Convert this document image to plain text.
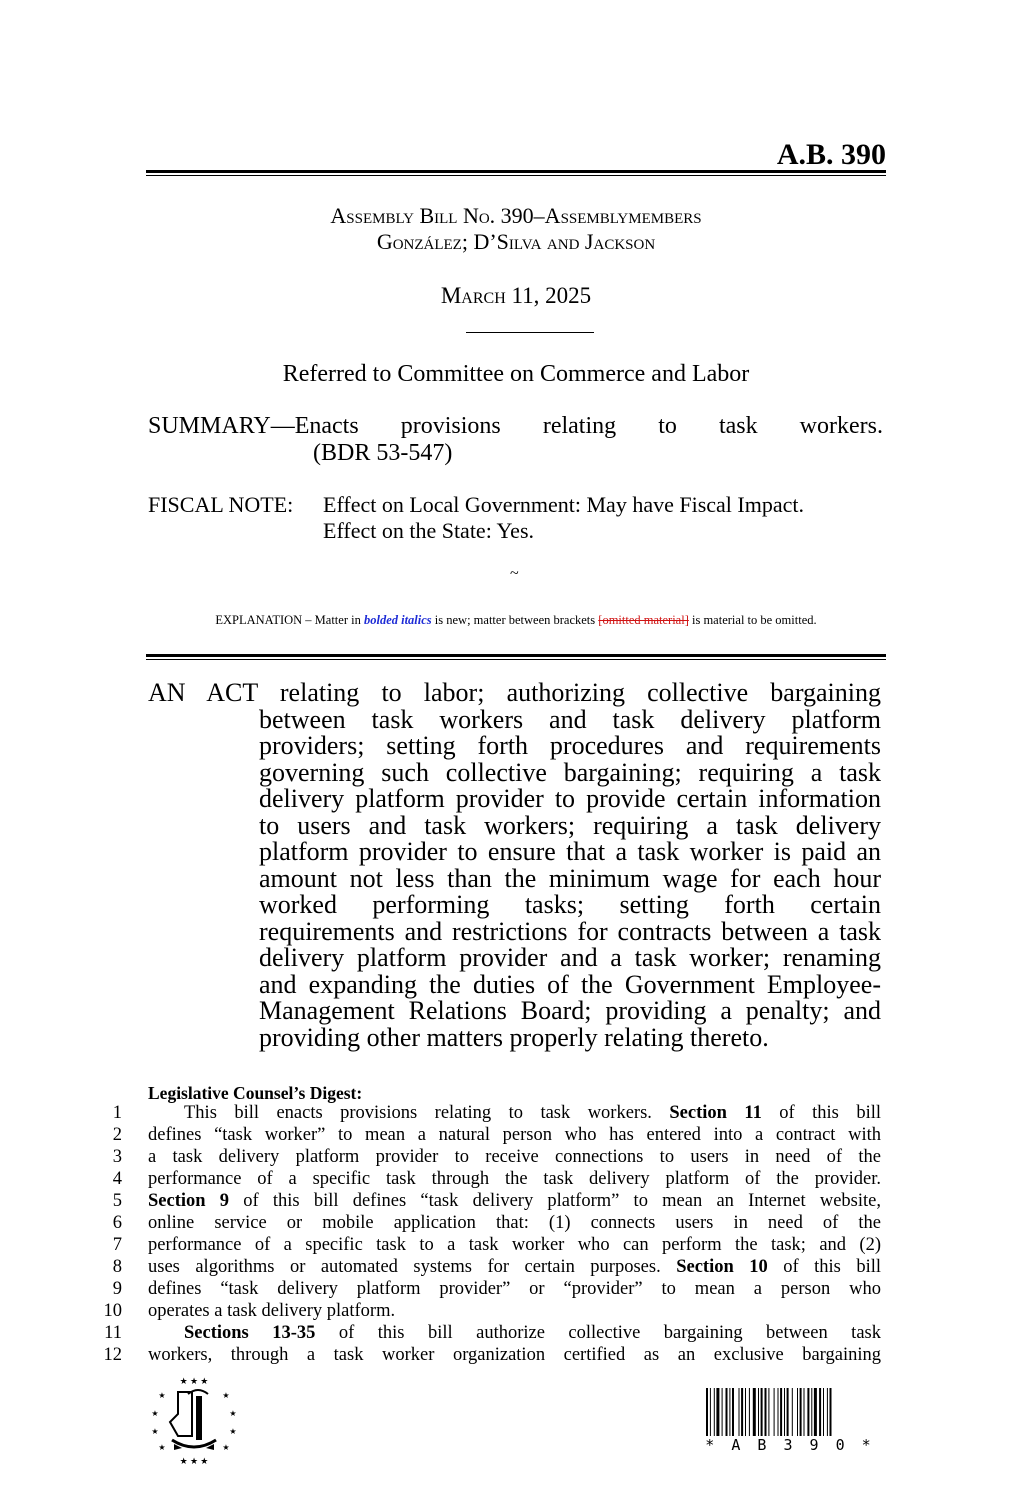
A.B. 390
Assembly Bill No. 390–Assemblymembers
González; D’Silva and Jackson
March 11, 2025
Referred to Committee on Commerce and Labor
SUMMARY—Enacts provisions relating to task workers.
(BDR 53-547)
FISCAL NOTE: Effect on Local Government: May have Fiscal Impact.
Effect on the State: Yes.
~
EXPLANATION – Matter in bolded italics is new; matter between brackets [omitted material] is material to be omitted.
AN ACT relating to labor; authorizing collective bargaining
between task workers and task delivery platform
providers; setting forth procedures and requirements
governing such collective bargaining; requiring a task
delivery platform provider to provide certain information
to users and task workers; requiring a task delivery
platform provider to ensure that a task worker is paid an
amount not less than the minimum wage for each hour
worked performing tasks; setting forth certain
requirements and restrictions for contracts between a task
delivery platform provider and a task worker; renaming
and expanding the duties of the Government Employee-
Management Relations Board; providing a penalty; and
providing other matters properly relating thereto.
Legislative Counsel’s Digest:
1	This bill enacts provisions relating to task workers. Section 11 of this bill
2 defines “task worker” to mean a natural person who has entered into a contract with
3 a task delivery platform provider to receive connections to users in need of the
4 performance of a specific task through the task delivery platform of the provider.
5 Section 9 of this bill defines “task delivery platform” to mean an Internet website,
6 online service or mobile application that: (1) connects users in need of the
7 performance of a specific task to a task worker who can perform the task; and (2)
8 uses algorithms or automated systems for certain purposes. Section 10 of this bill
9 defines “task delivery platform provider” or “provider” to mean a person who
10 operates a task delivery platform.
11	Sections 13-35 of this bill authorize collective bargaining between task
12 workers, through a task worker organization certified as an exclusive bargaining
★ ★ ★
★	★
★	★
★	★
★	★
★ ★ ★
* A B 3 9 0 *
